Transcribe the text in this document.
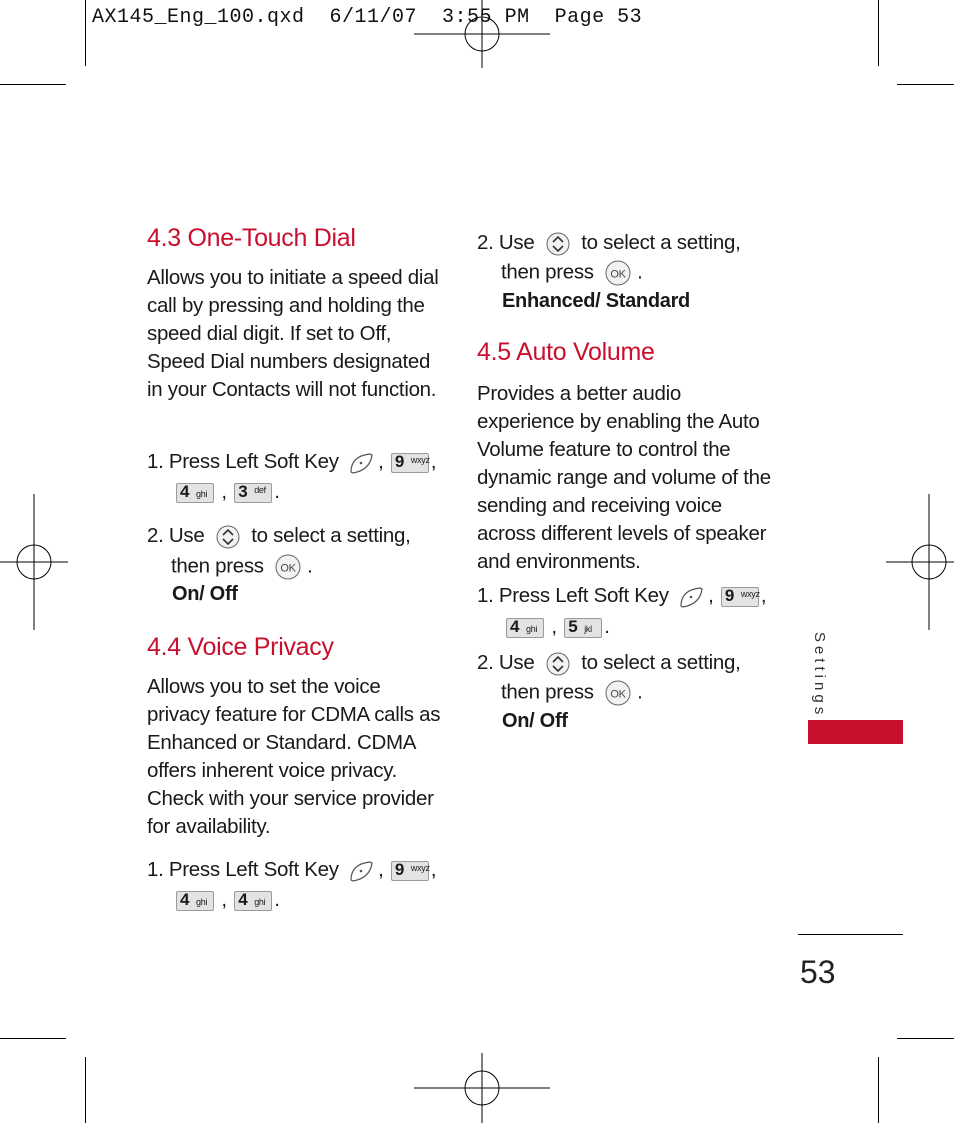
AX145_Eng_100.qxd  6/11/07  3:55 PM  Page 53
4.3 One-Touch Dial

Allows you to initiate a speed dial call by pressing and holding the speed dial digit. If set to Off, Speed Dial numbers designated in your Contacts will not function.

1. Press Left Soft Key , 9 wxyz ,
4 ghi , 3 def .
2. Use to select a setting,
then press OK .
On/ Off
4.4 Voice Privacy

Allows you to set the voice privacy feature for CDMA calls as Enhanced or Standard. CDMA offers inherent voice privacy. Check with your service provider for availability.

1. Press Left Soft Key , 9 wxyz ,
4 ghi , 4 ghi .
2. Use to select a setting,
then press OK .
Enhanced/ Standard
4.5 Auto Volume

Provides a better audio experience by enabling the Auto Volume feature to control the dynamic range and volume of the sending and receiving voice across different levels of speaker and environments.

1. Press Left Soft Key , 9 wxyz ,
4 ghi , 5 jkl .
2. Use to select a setting,
then press OK .
On/ Off
Settings
53
